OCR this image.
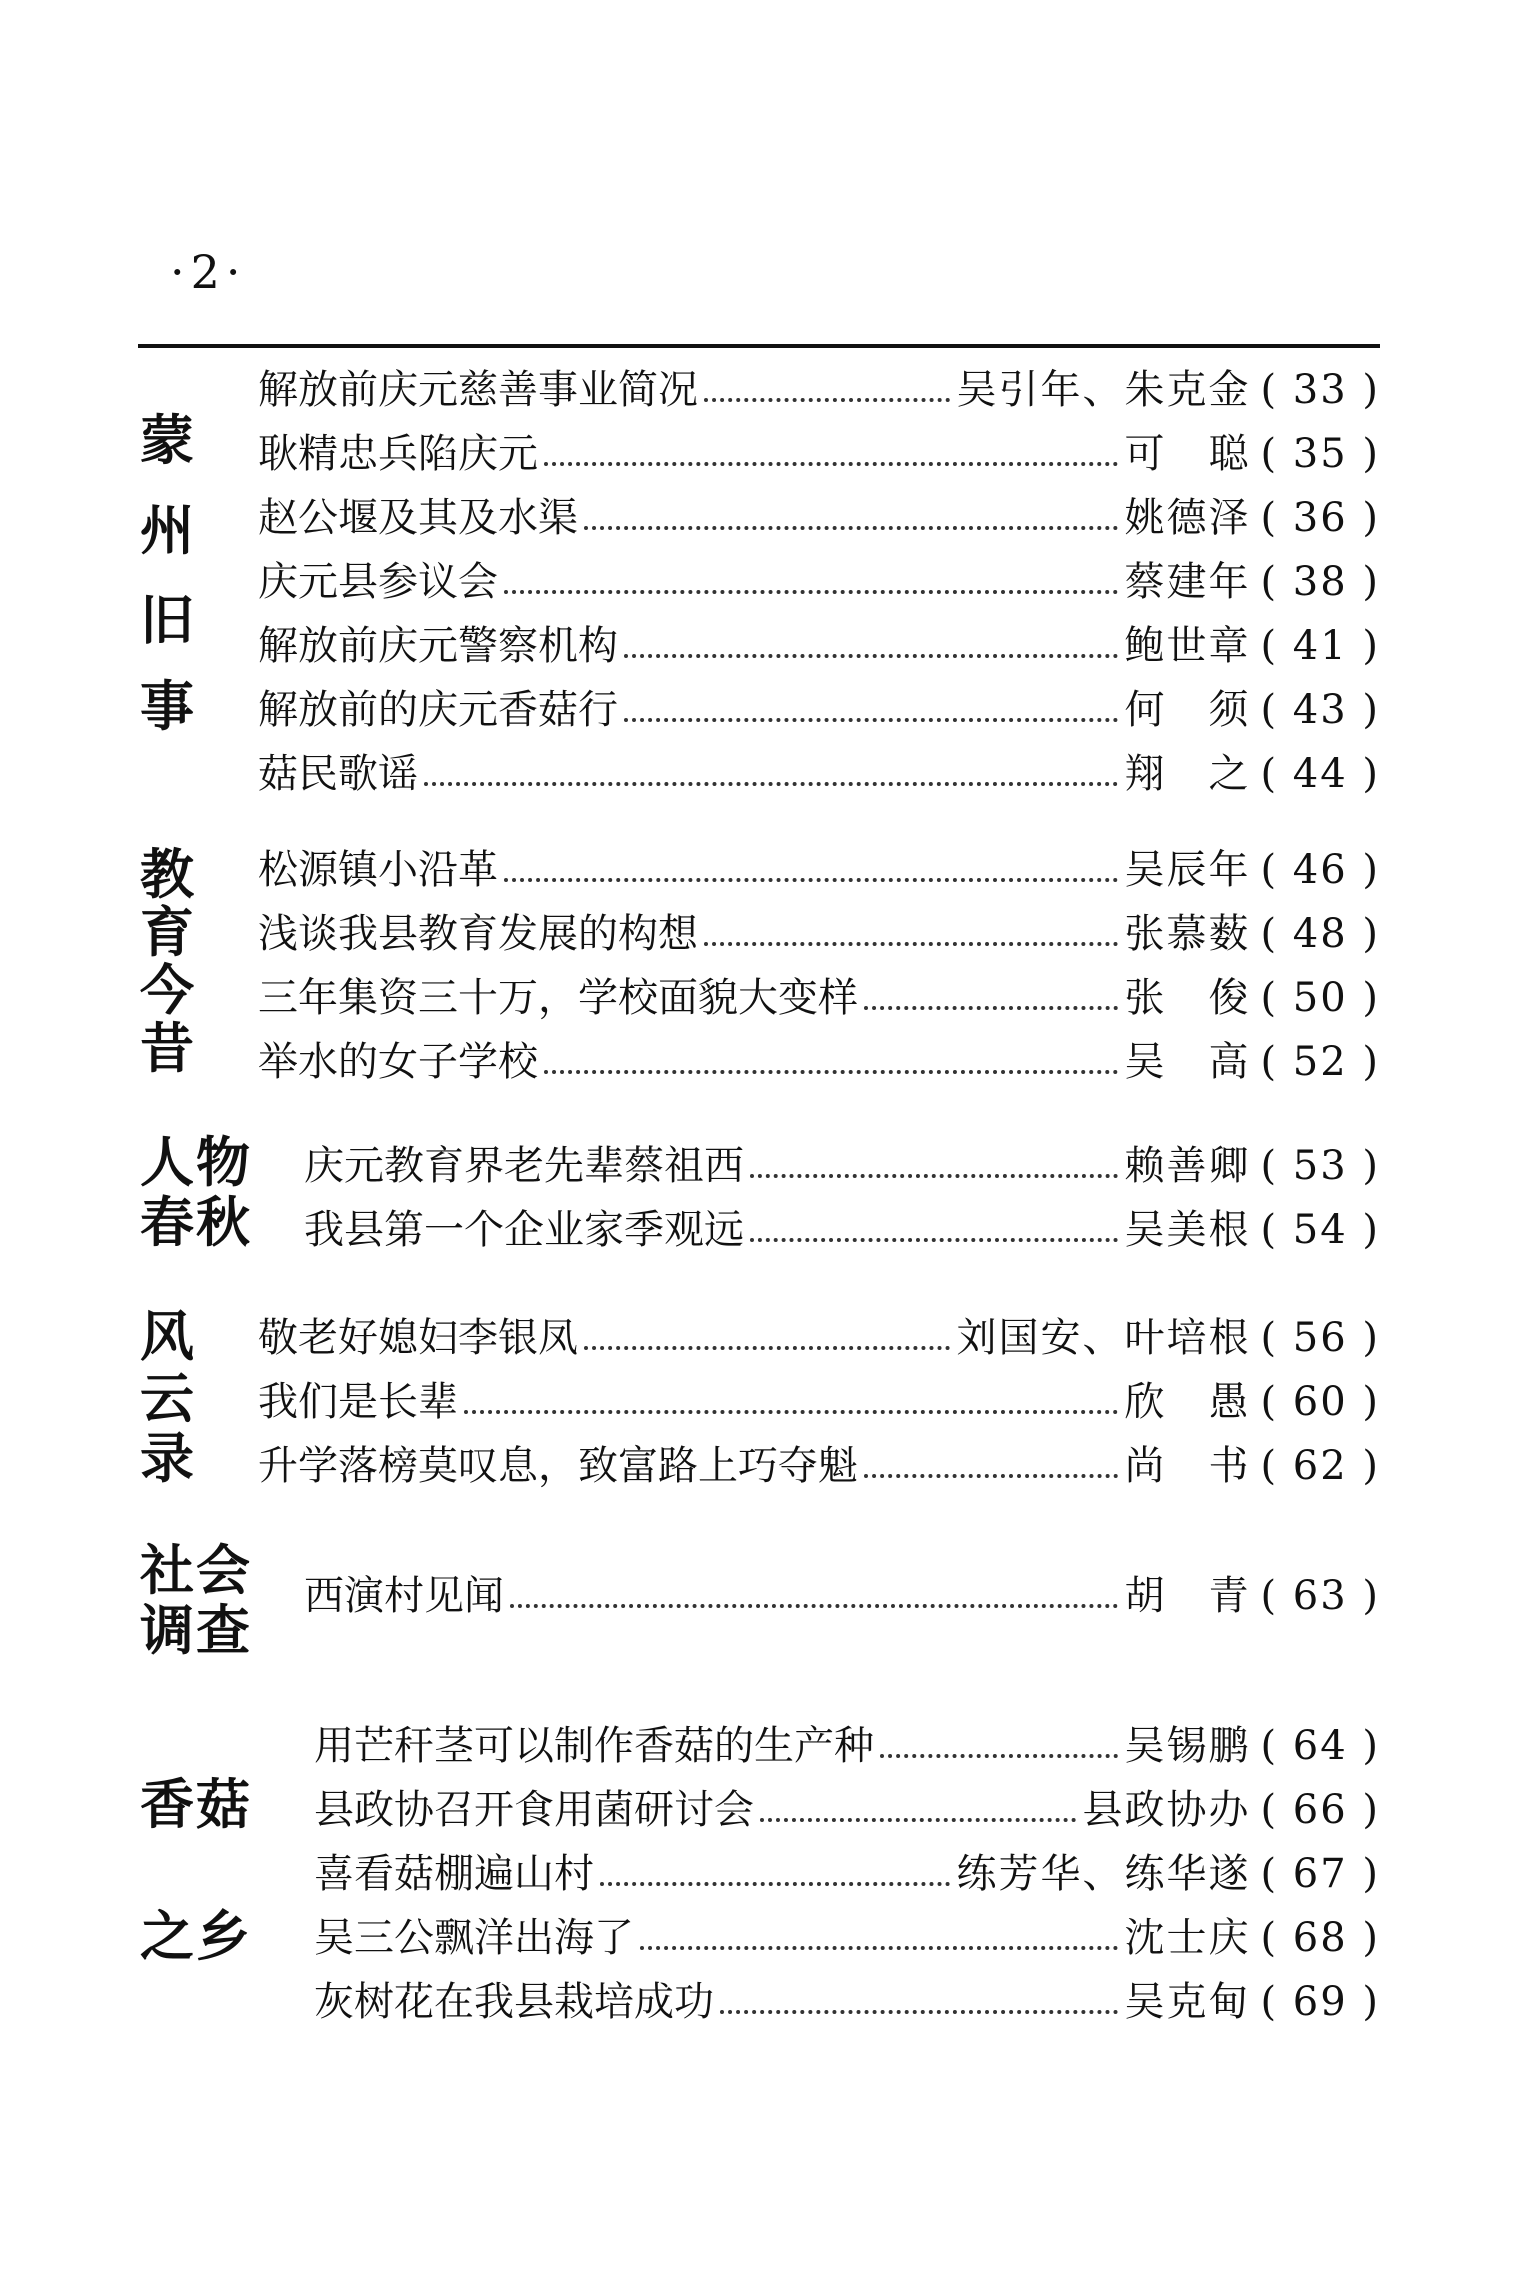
·2·
蒙
州
旧
事
解放前庆元慈善事业简况	吴引年、朱克金 ( 33 )
耿精忠兵陷庆元	可　聪 ( 35 )
赵公堰及其及水渠	姚德泽 ( 36 )
庆元县参议会	蔡建年 ( 38 )
解放前庆元警察机构	鲍世章 ( 41 )
解放前的庆元香菇行	何　须 ( 43 )
菇民歌谣	翔　之 ( 44 )
教
育
今
昔
松源镇小沿革	吴辰年 ( 46 )
浅谈我县教育发展的构想	张慕薮 ( 48 )
三年集资三十万，学校面貌大变样	张　俊 ( 50 )
举水的女子学校	吴　高 ( 52 )
人物
春秋
庆元教育界老先辈蔡祖西	赖善卿 ( 53 )
我县第一个企业家季观远	吴美根 ( 54 )
风
云
录
敬老好媳妇李银凤	刘国安、叶培根 ( 56 )
我们是长辈	欣　愚 ( 60 )
升学落榜莫叹息，致富路上巧夺魁	尚　书 ( 62 )
社会
调查
西演村见闻	胡　青 ( 63 )
香菇
之乡
用芒秆茎可以制作香菇的生产种	吴锡鹏 ( 64 )
县政协召开食用菌研讨会	县政协办 ( 66 )
喜看菇棚遍山村	练芳华、练华遂 ( 67 )
吴三公飘洋出海了	沈士庆 ( 68 )
灰树花在我县栽培成功	吴克甸 ( 69 )
